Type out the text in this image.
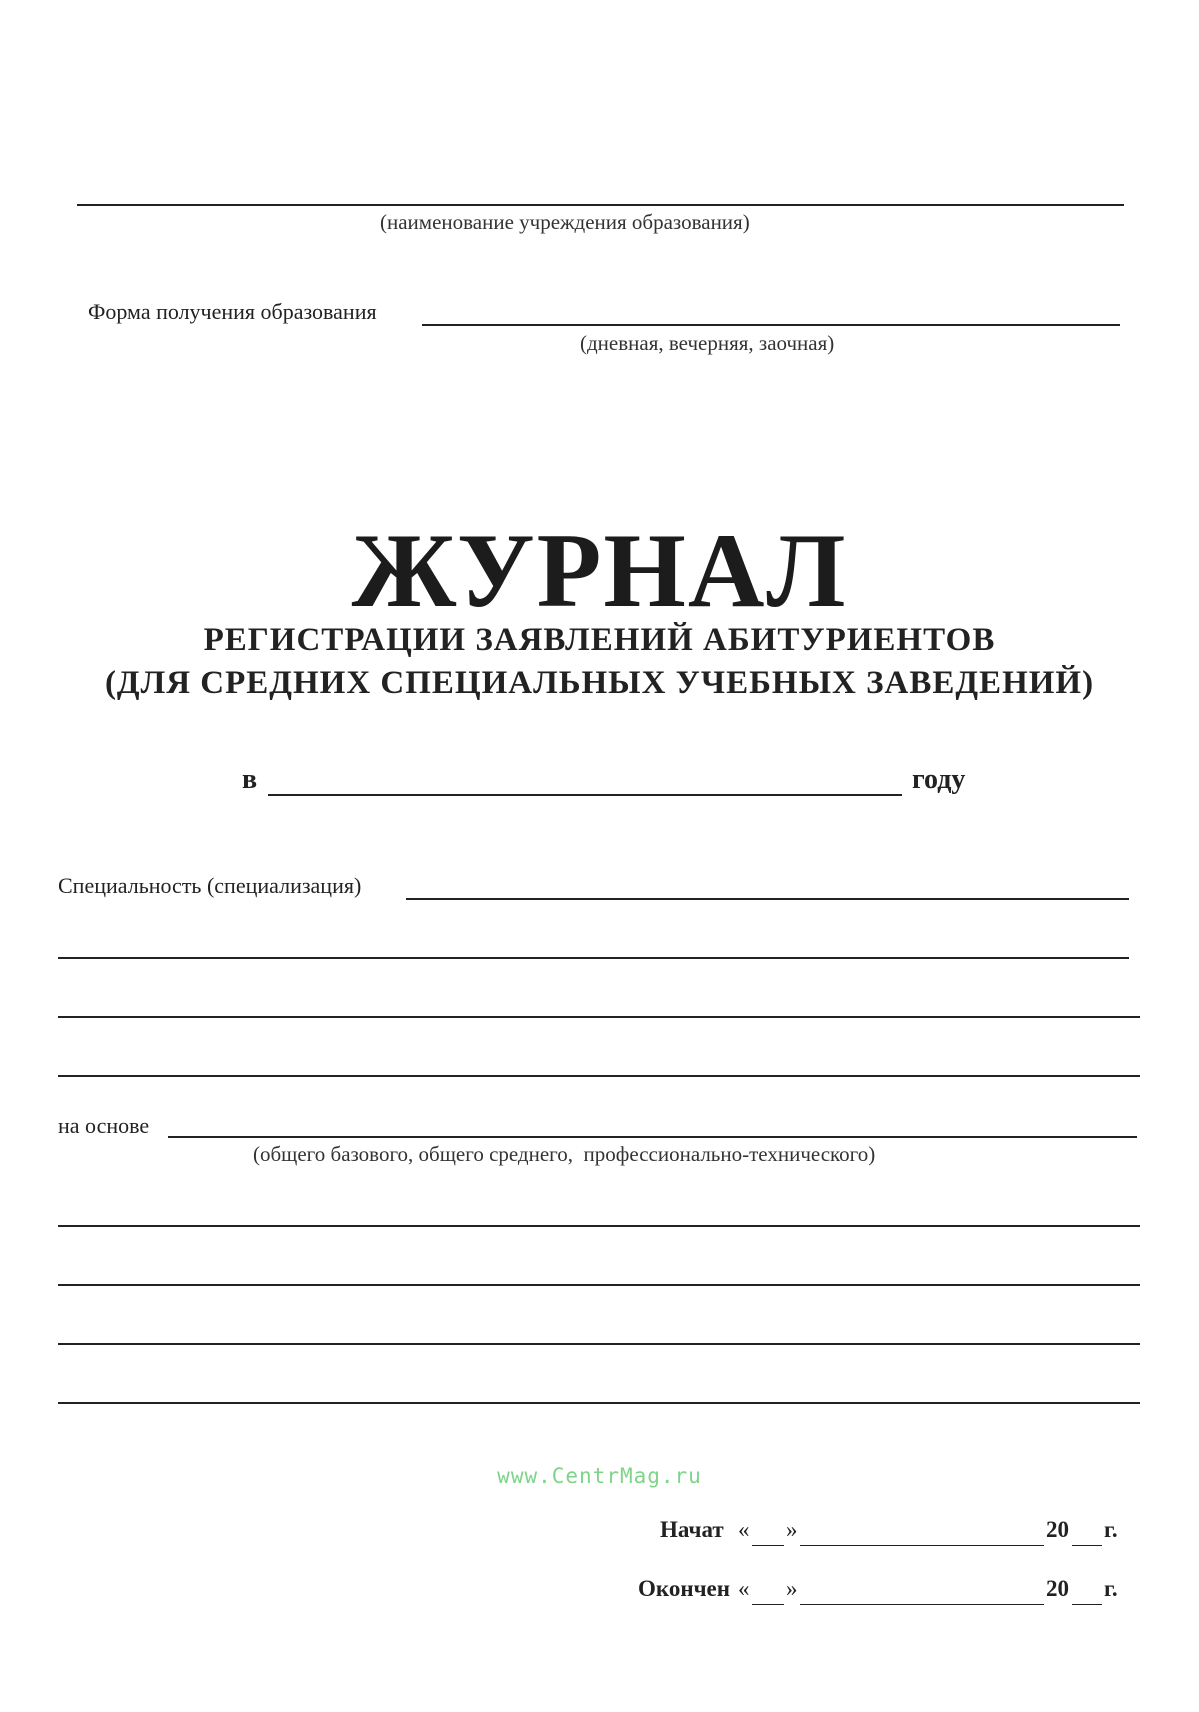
(наименование учреждения образования)
Форма получения образования
(дневная, вечерняя, заочная)
ЖУРНАЛ
РЕГИСТРАЦИИ ЗАЯВЛЕНИЙ АБИТУРИЕНТОВ
(ДЛЯ СРЕДНИХ СПЕЦИАЛЬНЫХ УЧЕБНЫХ ЗАВЕДЕНИЙ)
в	году
Специальность (специализация)
на основе
(общего базового, общего среднего,  профессионально-технического)
www.CentrMag.ru
Начат « »	20 г.
Окончен « »	20 г.
